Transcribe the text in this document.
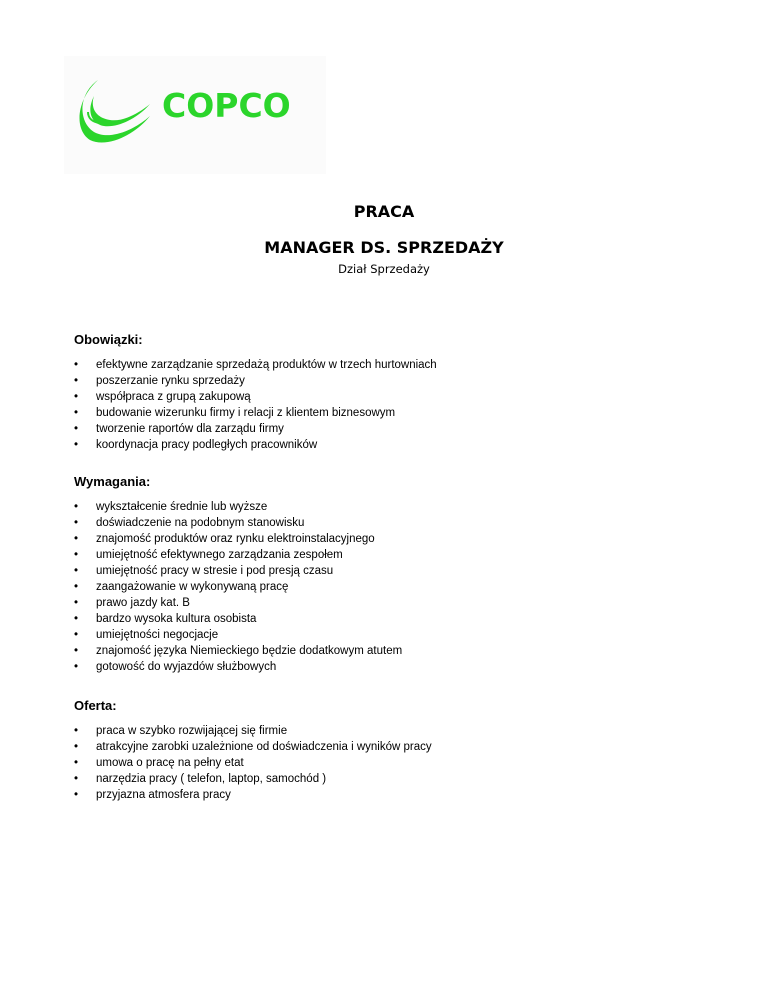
COPCO
PRACA
MANAGER DS. SPRZEDAŻY
Dział Sprzedaży
Obowiązki:
• efektywne zarządzanie sprzedażą produktów w trzech hurtowniach
• poszerzanie rynku sprzedaży
• współpraca z grupą zakupową
• budowanie wizerunku firmy i relacji z klientem biznesowym
• tworzenie raportów dla zarządu firmy
• koordynacja pracy podległych pracowników
Wymagania:
• wykształcenie średnie lub wyższe
• doświadczenie na podobnym stanowisku
• znajomość produktów oraz rynku elektroinstalacyjnego
• umiejętność efektywnego zarządzania zespołem
• umiejętność pracy w stresie i pod presją czasu
• zaangażowanie w wykonywaną pracę
• prawo jazdy kat. B
• bardzo wysoka kultura osobista
• umiejętności negocjacje
• znajomość języka Niemieckiego będzie dodatkowym atutem
• gotowość do wyjazdów służbowych
Oferta:
• praca w szybko rozwijającej się firmie
• atrakcyjne zarobki uzależnione od doświadczenia i wyników pracy
• umowa o pracę na pełny etat
• narzędzia pracy ( telefon, laptop, samochód )
• przyjazna atmosfera pracy
